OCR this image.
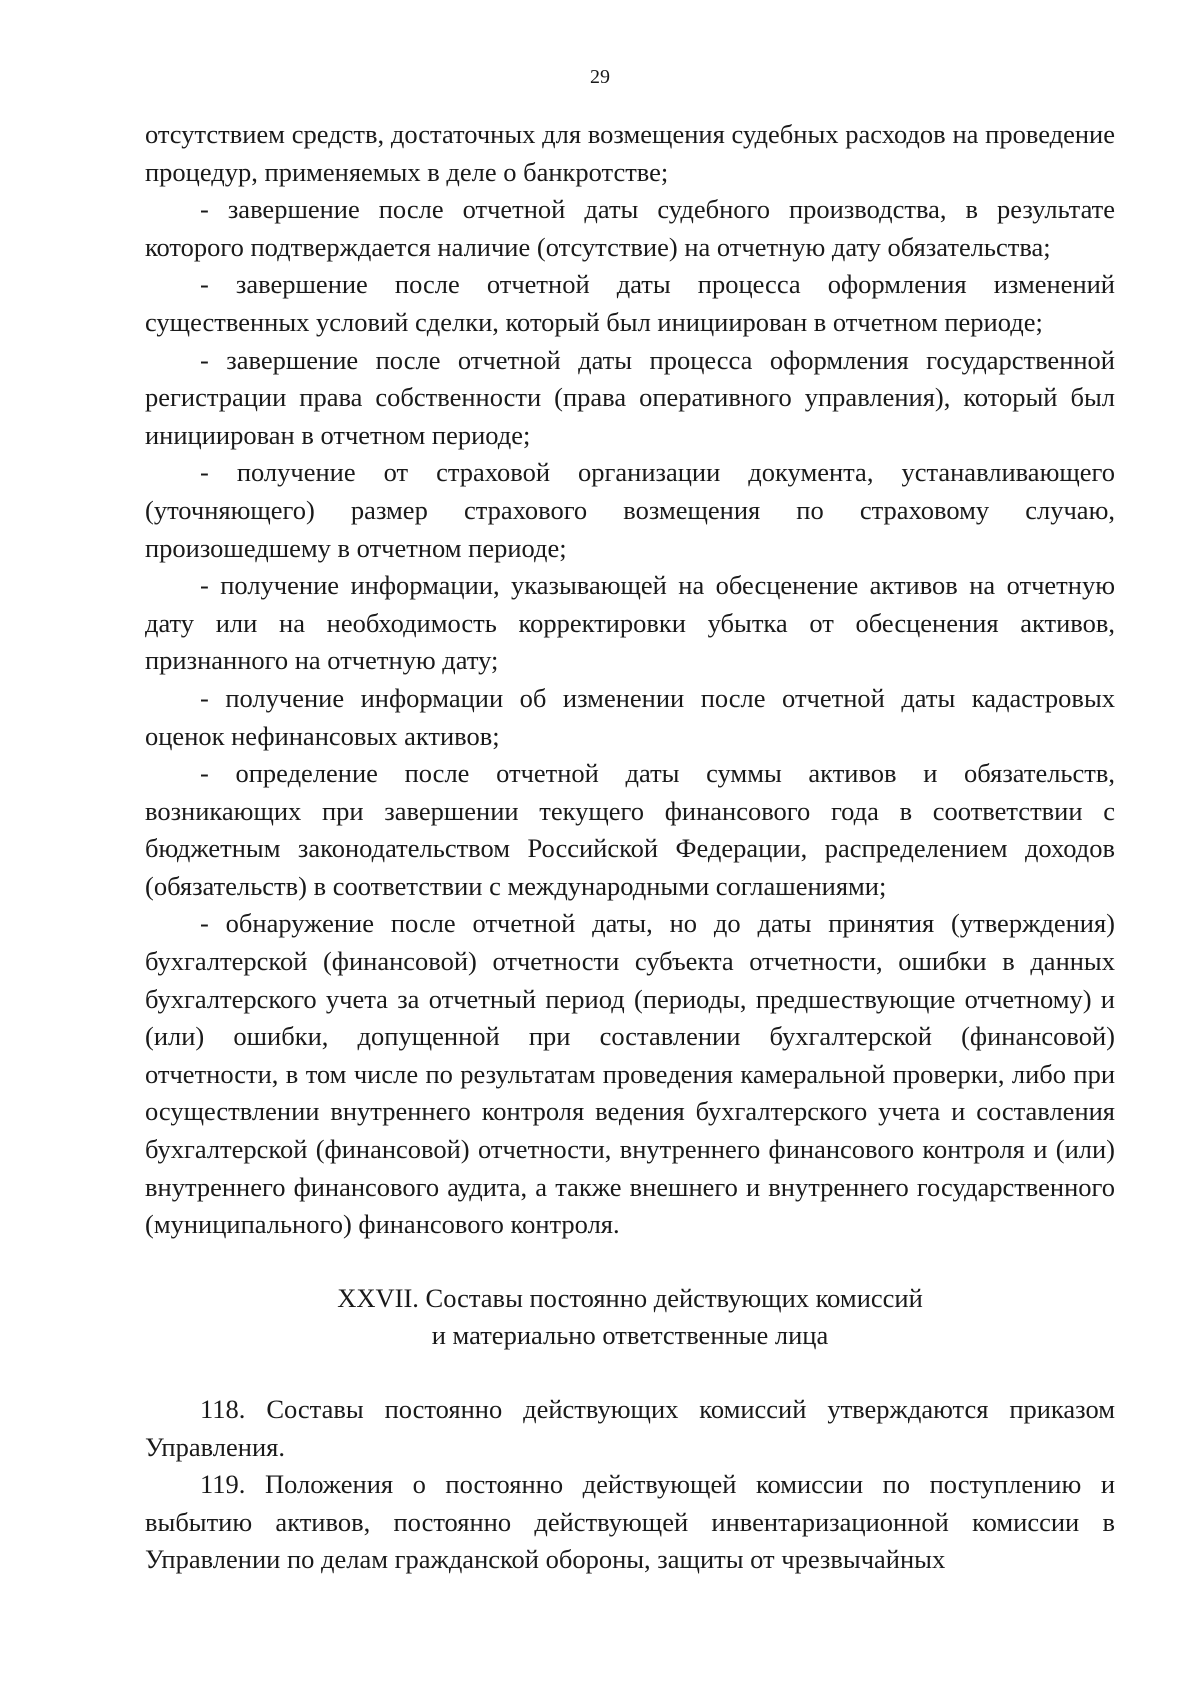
29

отсутствием средств, достаточных для возмещения судебных расходов на проведение процедур, применяемых в деле о банкротстве;

- завершение после отчетной даты судебного производства, в результате которого подтверждается наличие (отсутствие) на отчетную дату обязательства;

- завершение после отчетной даты процесса оформления изменений существенных условий сделки, который был инициирован в отчетном периоде;

- завершение после отчетной даты процесса оформления государственной регистрации права собственности (права оперативного управления), который был инициирован в отчетном периоде;

- получение от страховой организации документа, устанавливающего (уточняющего) размер страхового возмещения по страховому случаю, произошедшему в отчетном периоде;

- получение информации, указывающей на обесценение активов на отчетную дату или на необходимость корректировки убытка от обесценения активов, признанного на отчетную дату;

- получение информации об изменении после отчетной даты кадастровых оценок нефинансовых активов;

- определение после отчетной даты суммы активов и обязательств, возникающих при завершении текущего финансового года в соответствии с бюджетным законодательством Российской Федерации, распределением доходов (обязательств) в соответствии с международными соглашениями;

- обнаружение после отчетной даты, но до даты принятия (утверждения) бухгалтерской (финансовой) отчетности субъекта отчетности, ошибки в данных бухгалтерского учета за отчетный период (периоды, предшествующие отчетному) и (или) ошибки, допущенной при составлении бухгалтерской (финансовой) отчетности, в том числе по результатам проведения камеральной проверки, либо при осуществлении внутреннего контроля ведения бухгалтерского учета и составления бухгалтерской (финансовой) отчетности, внутреннего финансового контроля и (или) внутреннего финансового аудита, а также внешнего и внутреннего государственного (муниципального) финансового контроля.

XXVII. Составы постоянно действующих комиссий
и материально ответственные лица

118. Составы постоянно действующих комиссий утверждаются приказом Управления.

119. Положения о постоянно действующей комиссии по поступлению и выбытию активов, постоянно действующей инвентаризационной комиссии в Управлении по делам гражданской обороны, защиты от чрезвычайных
